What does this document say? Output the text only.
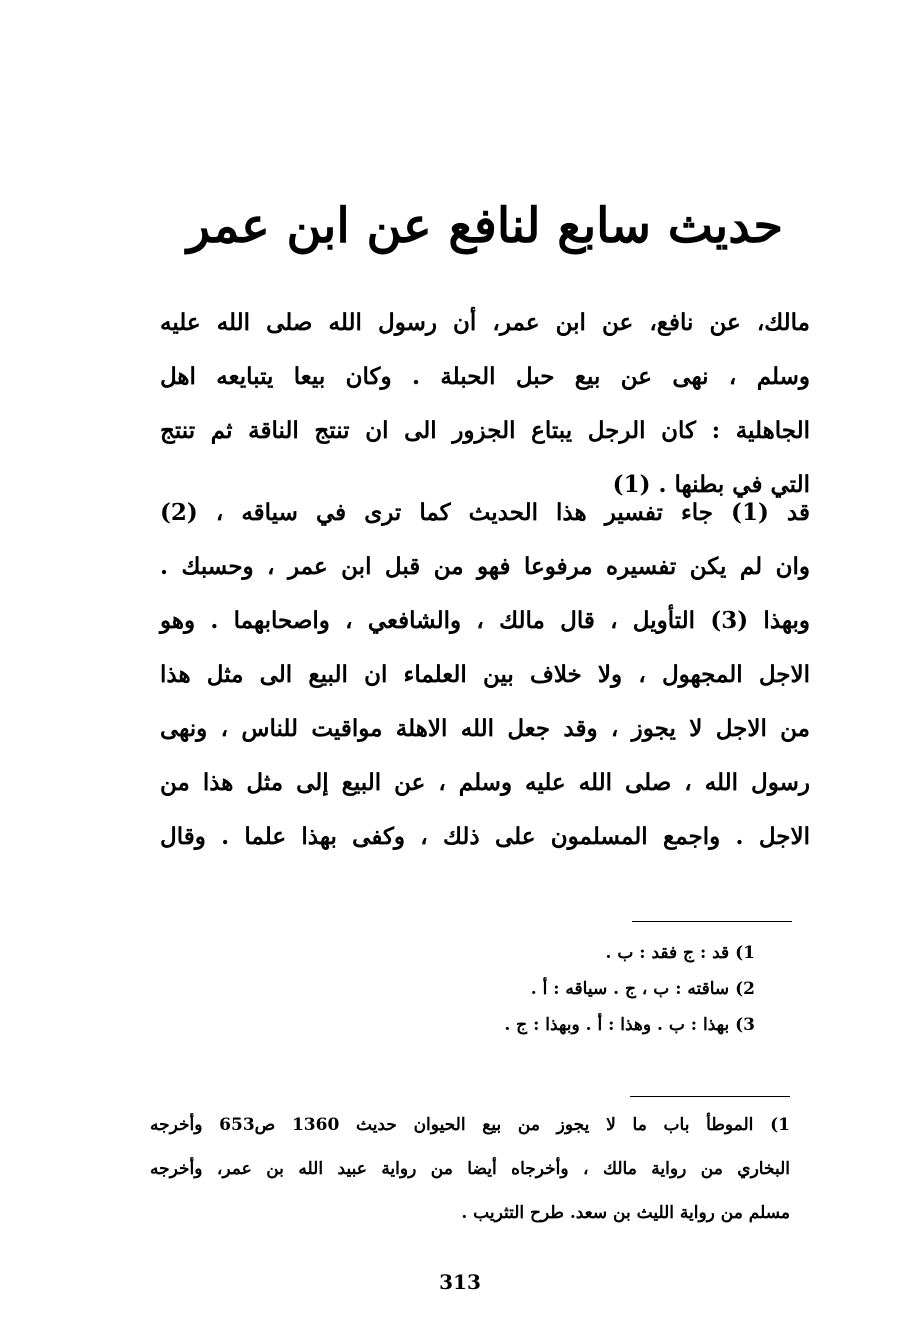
حديث سابع لنافع عن ابن عمر
مالك، عن نافع، عن ابن عمر، أن رسول الله صلى الله عليه
وسلم ، نهى عن بيع حبل الحبلة . وكان بيعا يتبايعه اهل
الجاهلية : كان الرجل يبتاع الجزور الى ان تنتج الناقة ثم تنتج
التي في بطنها . (1)
قد (1) جاء تفسير هذا الحديث كما ترى في سياقه ، (2)
وان لم يكن تفسيره مرفوعا فهو من قبل ابن عمر ، وحسبك .
وبهذا (3) التأويل ، قال مالك ، والشافعي ، واصحابهما . وهو
الاجل المجهول ، ولا خلاف بين العلماء ان البيع الى مثل هذا
من الاجل لا يجوز ، وقد جعل الله الاهلة مواقيت للناس ، ونهى
رسول الله ، صلى الله عليه وسلم ، عن البيع إلى مثل هذا من
الاجل . واجمع المسلمون على ذلك ، وكفى بهذا علما . وقال
1) قد : ج فقد : ب .
2) ساقته : ب ، ج . سياقه : أ .
3) بهذا : ب . وهذا : أ . وبهذا : ج .
1) الموطأ باب ما لا يجوز من بيع الحيوان حديث 1360 ص653 وأخرجه
البخاري من رواية مالك ، وأخرجاه أيضا من رواية عبيد الله بن عمر، وأخرجه
مسلم من رواية الليث بن سعد. طرح التثريب .
313
